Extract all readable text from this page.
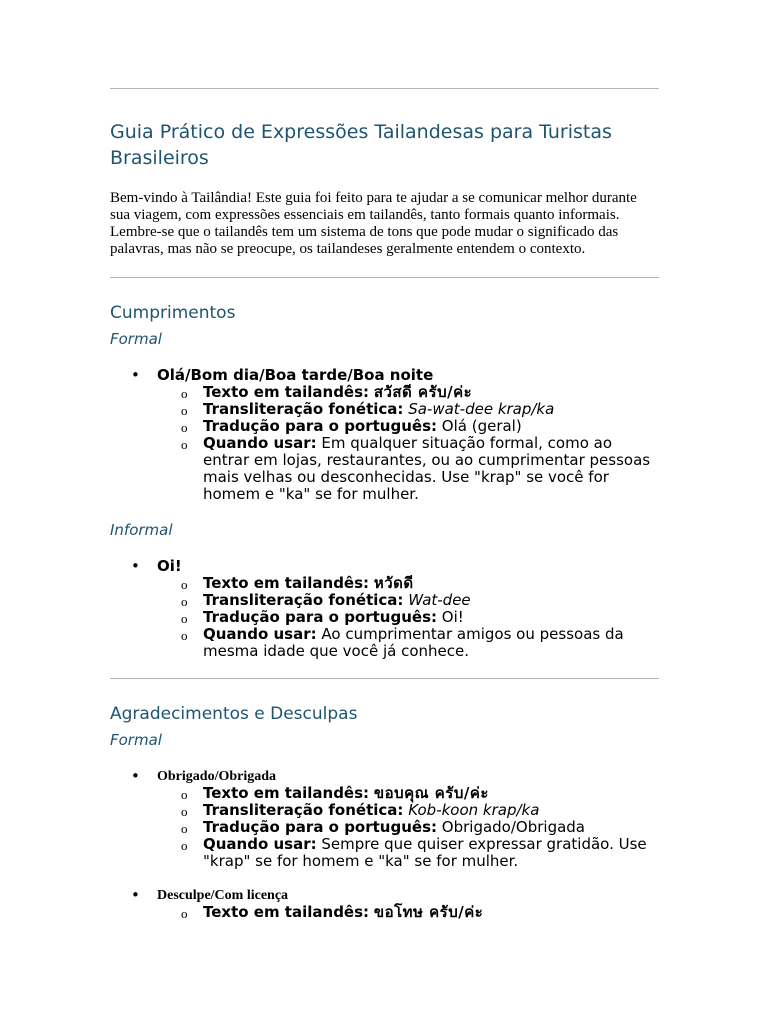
Guia Prático de Expressões Tailandesas para Turistas Brasileiros

Bem-vindo à Tailândia! Este guia foi feito para te ajudar a se comunicar melhor durante sua viagem, com expressões essenciais em tailandês, tanto formais quanto informais. Lembre-se que o tailandês tem um sistema de tons que pode mudar o significado das palavras, mas não se preocupe, os tailandeses geralmente entendem o contexto.

Cumprimentos
Formal
• Olá/Bom dia/Boa tarde/Boa noite
o Texto em tailandês: สวัสดี ครับ/ค่ะ
o Transliteração fonética: Sa-wat-dee krap/ka
o Tradução para o português: Olá (geral)
o Quando usar: Em qualquer situação formal, como ao entrar em lojas, restaurantes, ou ao cumprimentar pessoas mais velhas ou desconhecidas. Use "krap" se você for homem e "ka" se for mulher.
Informal
• Oi!
o Texto em tailandês: หวัดดี
o Transliteração fonética: Wat-dee
o Tradução para o português: Oi!
o Quando usar: Ao cumprimentar amigos ou pessoas da mesma idade que você já conhece.
Agradecimentos e Desculpas
Formal
• Obrigado/Obrigada
o Texto em tailandês: ขอบคุณ ครับ/ค่ะ
o Transliteração fonética: Kob-koon krap/ka
o Tradução para o português: Obrigado/Obrigada
o Quando usar: Sempre que quiser expressar gratidão. Use "krap" se for homem e "ka" se for mulher.
• Desculpe/Com licença
o Texto em tailandês: ขอโทษ ครับ/ค่ะ
